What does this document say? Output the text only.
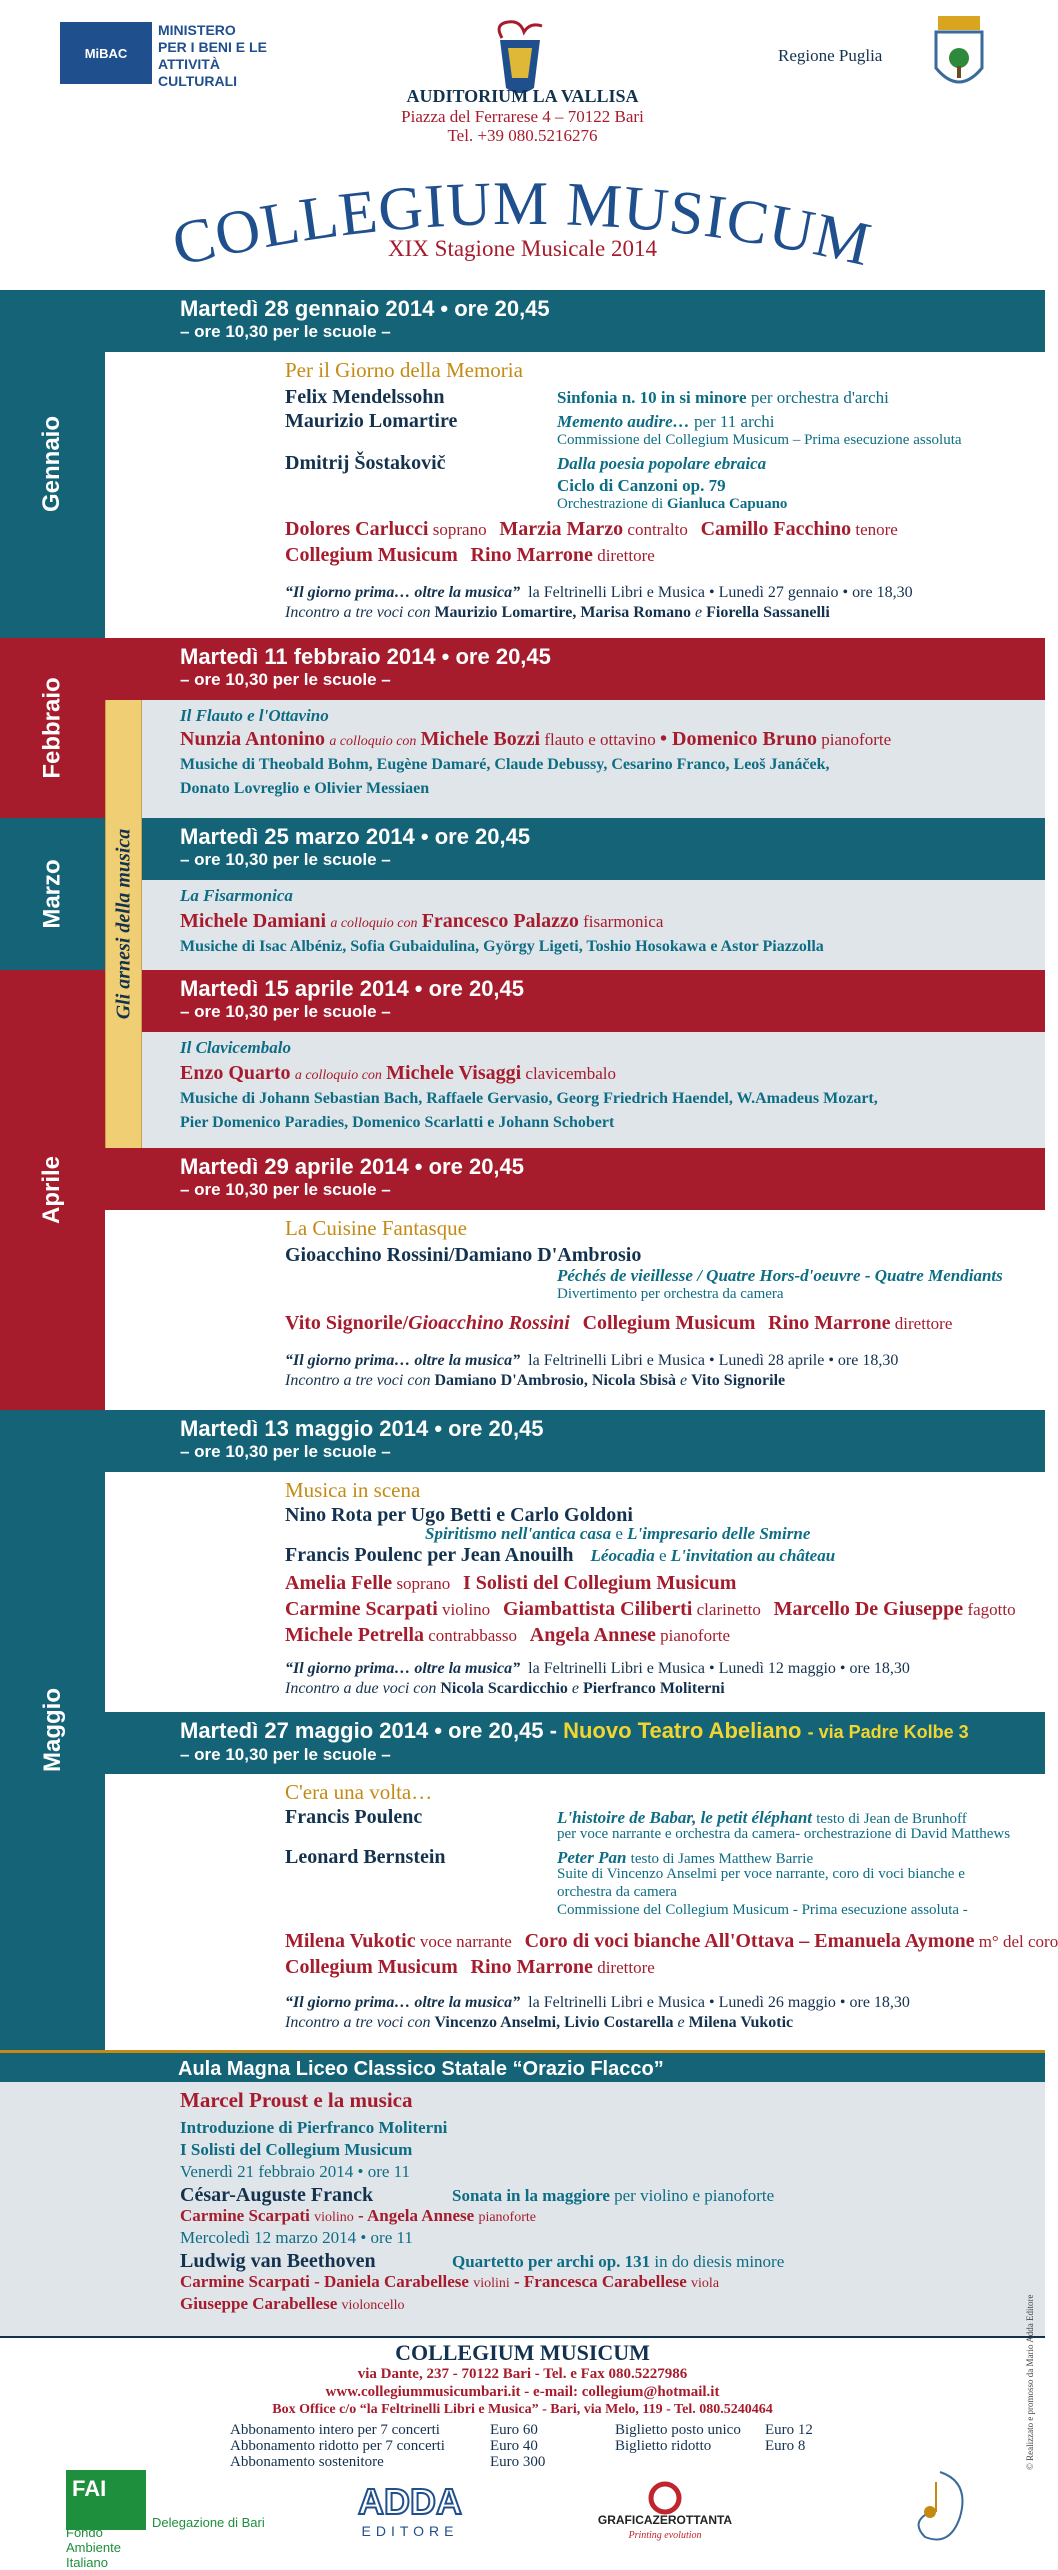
MiBAC
MINISTERO PER I BENI E LE ATTIVITÀ CULTURALI
Regione Puglia
AUDITORIUM LA VALLISA
Piazza del Ferrarese 4 – 70122 Bari
Tel. +39 080.5216276
COLLEGIUM MUSICUM
XIX Stagione Musicale 2014
Gennaio
Febbraio
Marzo
Aprile
Maggio
Martedì 28 gennaio 2014 • ore 20,45
– ore 10,30 per le scuole –
Per il Giorno della Memoria
Felix Mendelssohn	Sinfonia n. 10 in si minore per orchestra d'archi
Maurizio Lomartire	Memento audire… per 11 archi
Commissione del Collegium Musicum – Prima esecuzione assoluta
Dmitrij Šostakovič	Dalla poesia popolare ebraica
Ciclo di Canzoni op. 79
Orchestrazione di Gianluca Capuano
Dolores Carlucci soprano Marzia Marzo contralto Camillo Facchino tenore
Collegium Musicum Rino Marrone direttore
“Il giorno prima… oltre la musica” la Feltrinelli Libri e Musica • Lunedì 27 gennaio • ore 18,30
Incontro a tre voci con Maurizio Lomartire, Marisa Romano e Fiorella Sassanelli
Martedì 11 febbraio 2014 • ore 20,45
– ore 10,30 per le scuole –
Il Flauto e l'Ottavino
Nunzia Antonino a colloquio con Michele Bozzi flauto e ottavino • Domenico Bruno pianoforte
Musiche di Theobald Bohm, Eugène Damaré, Claude Debussy, Cesarino Franco, Leoš Janáček,
Donato Lovreglio e Olivier Messiaen
Martedì 25 marzo 2014 • ore 20,45
– ore 10,30 per le scuole –
La Fisarmonica
Michele Damiani a colloquio con Francesco Palazzo fisarmonica
Musiche di Isac Albéniz, Sofia Gubaidulina, György Ligeti, Toshio Hosokawa e Astor Piazzolla
Martedì 15 aprile 2014 • ore 20,45
– ore 10,30 per le scuole –
Il Clavicembalo
Enzo Quarto a colloquio con Michele Visaggi clavicembalo
Musiche di Johann Sebastian Bach, Raffaele Gervasio, Georg Friedrich Haendel, W.Amadeus Mozart,
Pier Domenico Paradies, Domenico Scarlatti e Johann Schobert
Gli arnesi della musica
Martedì 29 aprile 2014 • ore 20,45
– ore 10,30 per le scuole –
La Cuisine Fantasque
Gioacchino Rossini/Damiano D'Ambrosio
Péchés de vieillesse / Quatre Hors-d'oeuvre - Quatre Mendiants
Divertimento per orchestra da camera
Vito Signorile/Gioacchino Rossini Collegium Musicum Rino Marrone direttore
“Il giorno prima… oltre la musica” la Feltrinelli Libri e Musica • Lunedì 28 aprile • ore 18,30
Incontro a tre voci con Damiano D'Ambrosio, Nicola Sbisà e Vito Signorile
Martedì 13 maggio 2014 • ore 20,45
– ore 10,30 per le scuole –
Musica in scena
Nino Rota per Ugo Betti e Carlo Goldoni
Spiritismo nell'antica casa e L'impresario delle Smirne
Francis Poulenc per Jean Anouilh Léocadia e L'invitation au château
Amelia Felle soprano I Solisti del Collegium Musicum
Carmine Scarpati violino Giambattista Ciliberti clarinetto Marcello De Giuseppe fagotto
Michele Petrella contrabbasso Angela Annese pianoforte
“Il giorno prima… oltre la musica” la Feltrinelli Libri e Musica • Lunedì 12 maggio • ore 18,30
Incontro a due voci con Nicola Scardicchio e Pierfranco Moliterni
Martedì 27 maggio 2014 • ore 20,45 - Nuovo Teatro Abeliano - via Padre Kolbe 3
– ore 10,30 per le scuole –
C'era una volta…
Francis Poulenc	L'histoire de Babar, le petit éléphant testo di Jean de Brunhoff
per voce narrante e orchestra da camera- orchestrazione di David Matthews
Leonard Bernstein	Peter Pan testo di James Matthew Barrie
Suite di Vincenzo Anselmi per voce narrante, coro di voci bianche e
orchestra da camera
Commissione del Collegium Musicum - Prima esecuzione assoluta -
Milena Vukotic voce narrante Coro di voci bianche All'Ottava – Emanuela Aymone m° del coro
Collegium Musicum Rino Marrone direttore
“Il giorno prima… oltre la musica” la Feltrinelli Libri e Musica • Lunedì 26 maggio • ore 18,30
Incontro a tre voci con Vincenzo Anselmi, Livio Costarella e Milena Vukotic
Aula Magna Liceo Classico Statale “Orazio Flacco”
Marcel Proust e la musica
Introduzione di Pierfranco Moliterni
I Solisti del Collegium Musicum
Venerdì 21 febbraio 2014 • ore 11
César-Auguste Franck	Sonata in la maggiore per violino e pianoforte
Carmine Scarpati violino - Angela Annese pianoforte
Mercoledì 12 marzo 2014 • ore 11
Ludwig van Beethoven	Quartetto per archi op. 131 in do diesis minore
Carmine Scarpati - Daniela Carabellese violini - Francesca Carabellese viola
Giuseppe Carabellese violoncello
COLLEGIUM MUSICUM
via Dante, 237 - 70122 Bari - Tel. e Fax 080.5227986
www.collegiummusicumbari.it - e-mail: collegium@hotmail.it
Box Office c/o “la Feltrinelli Libri e Musica” - Bari, via Melo, 119 - Tel. 080.5240464
Abbonamento intero per 7 concerti	Euro 60
Abbonamento ridotto per 7 concerti	Euro 40
Abbonamento sostenitore	Euro 300
Biglietto posto unico Euro 12
Biglietto ridotto	Euro 8
FAI
Fondo Ambiente Italiano
Delegazione di Bari
ADDA
EDITORE
GRAFICAZEROTTANTA
Printing evolution
© Realizzato e promosso da Mario Adda Editore
